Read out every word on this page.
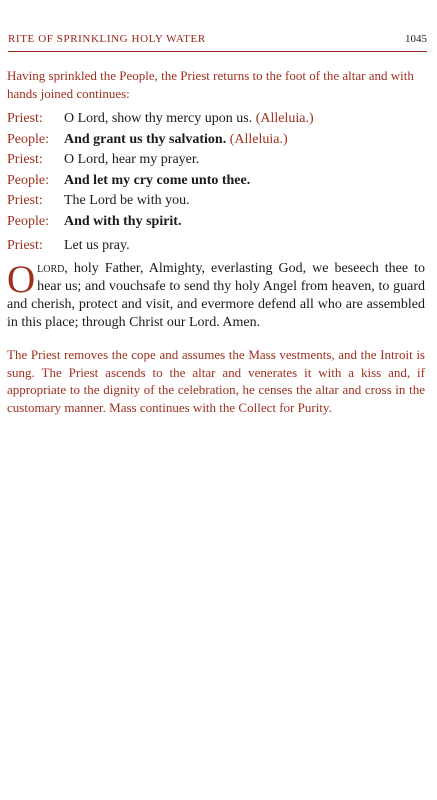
RITE OF SPRINKLING HOLY WATER	1045
Having sprinkled the People, the Priest returns to the foot of the altar and with hands joined continues:
Priest:	O Lord, show thy mercy upon us. (Alleluia.)
People:	And grant us thy salvation. (Alleluia.)
Priest:	O Lord, hear my prayer.
People:	And let my cry come unto thee.
Priest:	The Lord be with you.
People:	And with thy spirit.
Priest:	Let us pray.
Olord, holy Father, Almighty, everlasting God, we beseech thee to hear us; and vouchsafe to send thy holy Angel from heaven, to guard and cherish, protect and visit, and evermore defend all who are assembled in this place; through Christ our Lord. Amen.
The Priest removes the cope and assumes the Mass vestments, and the Introit is sung. The Priest ascends to the altar and venerates it with a kiss and, if appropriate to the dignity of the celebration, he censes the altar and cross in the customary manner. Mass continues with the Collect for Purity.
